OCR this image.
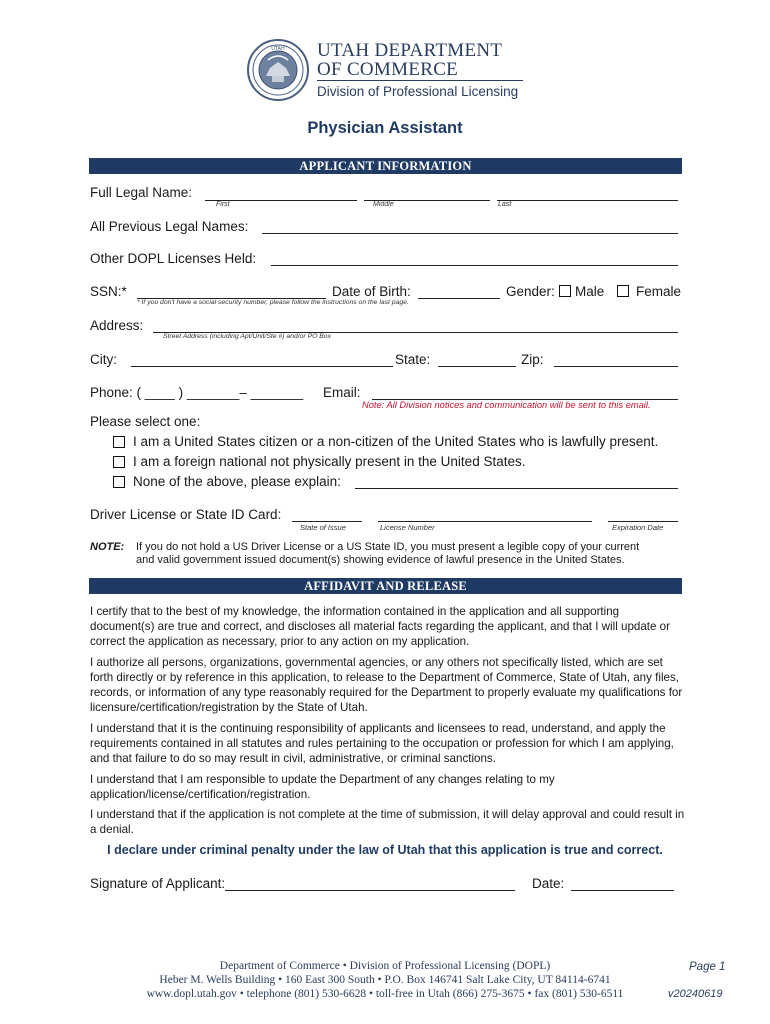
UTAH UTAH DEPARTMENT
OF COMMERCE
Division of Professional Licensing
Physician Assistant
APPLICANT INFORMATION
Full Legal Name:
First	Middle	Last
All Previous Legal Names:
Other DOPL Licenses Held:
SSN:*
* If you don't have a social security number, please follow the instructions on the last page.
Date of Birth:	Gender: Male Female
Address:
Street Address (including Apt/Unit/Ste #) and/or PO Box
City:	State:	Zip:
Phone: ( ____ ) _______– _______ Email:
Note: All Division notices and communication will be sent to this email.
Please select one:
I am a United States citizen or a non-citizen of the United States who is lawfully present.
I am a foreign national not physically present in the United States.
None of the above, please explain:
Driver License or State ID Card:
State of Issue	License Number	Expiration Date
NOTE: If you do not hold a US Driver License or a US State ID, you must present a legible copy of your current
and valid government issued document(s) showing evidence of lawful presence in the United States.
AFFIDAVIT AND RELEASE
I certify that to the best of my knowledge, the information contained in the application and all supporting document(s) are true and correct, and discloses all material facts regarding the applicant, and that I will update or correct the application as necessary, prior to any action on my application.
I authorize all persons, organizations, governmental agencies, or any others not specifically listed, which are set forth directly or by reference in this application, to release to the Department of Commerce, State of Utah, any files, records, or information of any type reasonably required for the Department to properly evaluate my qualifications for licensure/certification/registration by the State of Utah.
I understand that it is the continuing responsibility of applicants and licensees to read, understand, and apply the requirements contained in all statutes and rules pertaining to the occupation or profession for which I am applying, and that failure to do so may result in civil, administrative, or criminal sanctions.
I understand that I am responsible to update the Department of any changes relating to my application/license/certification/registration.
I understand that if the application is not complete at the time of submission, it will delay approval and could result in a denial.
I declare under criminal penalty under the law of Utah that this application is true and correct.
Signature of Applicant:	Date:
Department of Commerce • Division of Professional Licensing (DOPL)
Heber M. Wells Building • 160 East 300 South • P.O. Box 146741 Salt Lake City, UT 84114-6741
www.dopl.utah.gov • telephone (801) 530-6628 • toll-free in Utah (866) 275-3675 • fax (801) 530-6511
Page 1
v20240619
